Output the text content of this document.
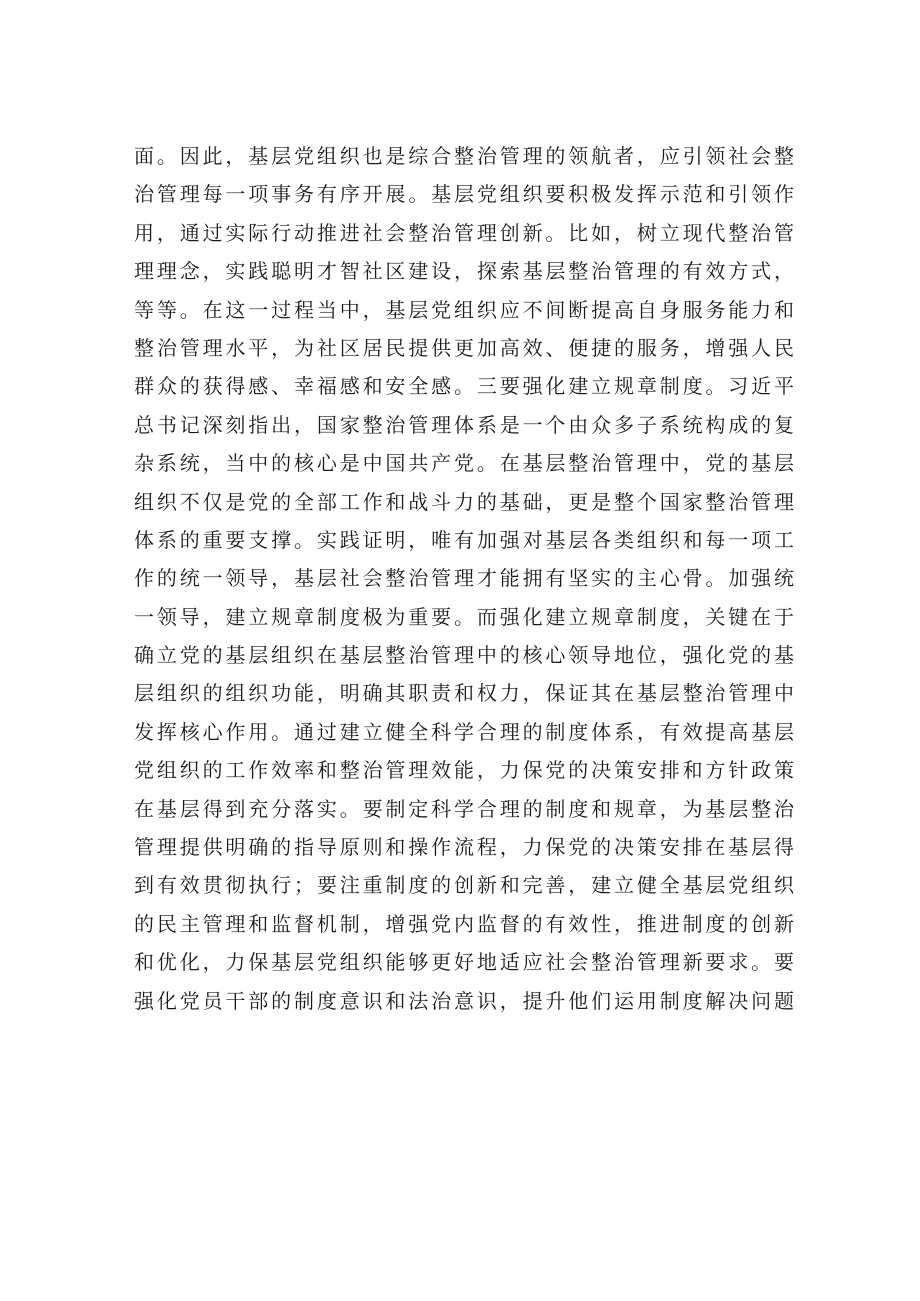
面。因此，基层党组织也是综合整治管理的领航者，应引领社会整
治管理每一项事务有序开展。基层党组织要积极发挥示范和引领作
用，通过实际行动推进社会整治管理创新。比如，树立现代整治管
理理念，实践聪明才智社区建设，探索基层整治管理的有效方式，
等等。在这一过程当中，基层党组织应不间断提高自身服务能力和
整治管理水平，为社区居民提供更加高效、便捷的服务，增强人民
群众的获得感、幸福感和安全感。三要强化建立规章制度。习近平
总书记深刻指出，国家整治管理体系是一个由众多子系统构成的复
杂系统，当中的核心是中国共产党。在基层整治管理中，党的基层
组织不仅是党的全部工作和战斗力的基础，更是整个国家整治管理
体系的重要支撑。实践证明，唯有加强对基层各类组织和每一项工
作的统一领导，基层社会整治管理才能拥有坚实的主心骨。加强统
一领导，建立规章制度极为重要。而强化建立规章制度，关键在于
确立党的基层组织在基层整治管理中的核心领导地位，强化党的基
层组织的组织功能，明确其职责和权力，保证其在基层整治管理中
发挥核心作用。通过建立健全科学合理的制度体系，有效提高基层
党组织的工作效率和整治管理效能，力保党的决策安排和方针政策
在基层得到充分落实。要制定科学合理的制度和规章，为基层整治
管理提供明确的指导原则和操作流程，力保党的决策安排在基层得
到有效贯彻执行；要注重制度的创新和完善，建立健全基层党组织
的民主管理和监督机制，增强党内监督的有效性，推进制度的创新
和优化，力保基层党组织能够更好地适应社会整治管理新要求。要
强化党员干部的制度意识和法治意识，提升他们运用制度解决问题
